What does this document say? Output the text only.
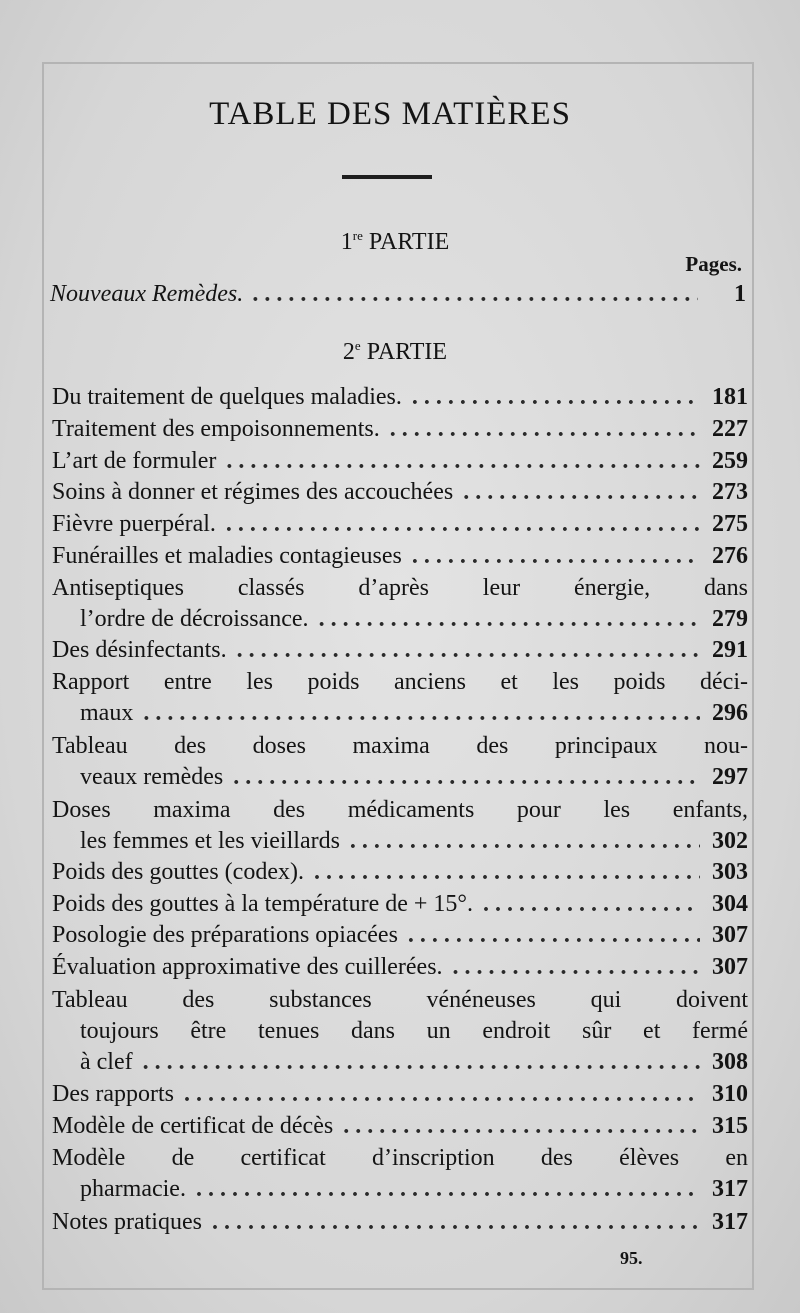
TABLE DES MATIÈRES
1re PARTIE
Pages.
Nouveaux Remèdes. . . .	1
2e PARTIE
Du traitement de quelques maladies. . . .	181
Traitement des empoisonnements. . . .	227
L’art de formuler . . .	259
Soins à donner et régimes des accouchées . . .	273
Fièvre puerpéral. . . .	275
Funérailles et maladies contagieuses . . .	276
Antiseptiques classés d’après leur énergie, dans
l’ordre de décroissance. . . .	279
Des désinfectants. . . .	291
Rapport entre les poids anciens et les poids déci-
maux . . .	296
Tableau des doses maxima des principaux nou-
veaux remèdes . . .	297
Doses maxima des médicaments pour les enfants,
les femmes et les vieillards . . .	302
Poids des gouttes (codex). . . .	303
Poids des gouttes à la température de + 15°. . . .	304
Posologie des préparations opiacées . . .	307
Évaluation approximative des cuillerées. . . .	307
Tableau des substances vénéneuses qui doivent
toujours être tenues dans un endroit sûr et fermé
à clef . . .	308
Des rapports . . .	310
Modèle de certificat de décès . . .	315
Modèle de certificat d’inscription des élèves en
pharmacie. . . .	317
Notes pratiques . . .	317
95.
